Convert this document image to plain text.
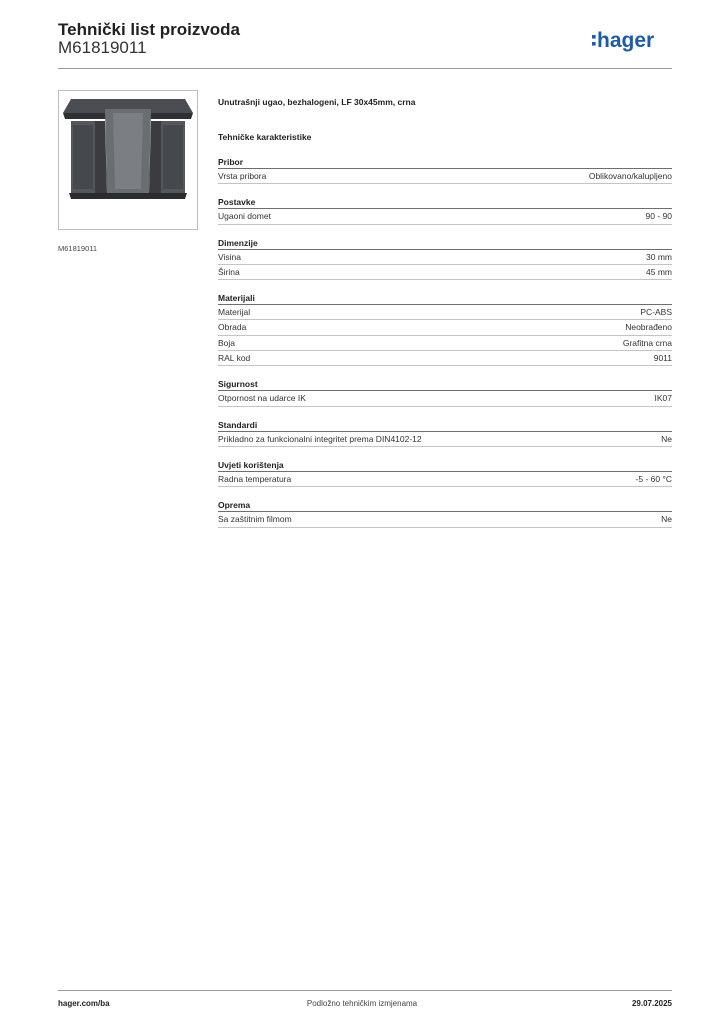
Tehnički list proizvoda
M61819011	hager
M61819011
Unutrašnji ugao, bezhalogeni, LF 30x45mm, crna
Tehničke karakteristike
Pribor
Vrsta pribora	Oblikovano/kalupljeno
Postavke
Ugaoni domet	90 - 90
Dimenzije
Visina	30 mm
Širina	45 mm
Materijali
Materijal	PC-ABS
Obrada	Neobrađeno
Boja	Grafitna crna
RAL kod	9011
Sigurnost
Otpornost na udarce IK	IK07
Standardi
Prikladno za funkcionalni integritet prema DIN4102-12	Ne
Uvjeti korištenja
Radna temperatura	-5 - 60 °C
Oprema
Sa zaštitnim filmom	Ne
hager.com/ba	Podložno tehničkim izmjenama	29.07.2025
